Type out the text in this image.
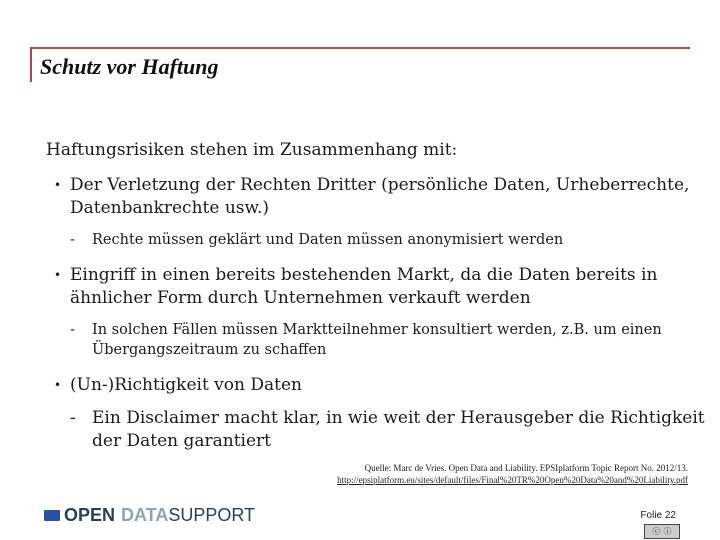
Schutz vor Haftung

Haftungsrisiken stehen im Zusammenhang mit:

• Der Verletzung der Rechten Dritter (persönliche Daten, Urheberrechte, Datenbankrechte usw.)
- Rechte müssen geklärt und Daten müssen anonymisiert werden
• Eingriff in einen bereits bestehenden Markt, da die Daten bereits in ähnlicher Form durch Unternehmen verkauft werden
- In solchen Fällen müssen Marktteilnehmer konsultiert werden, z.B. um einen Übergangszeitraum zu schaffen
• (Un-)Richtigkeit von Daten
- Ein Disclaimer macht klar, in wie weit der Herausgeber die Richtigkeit der Daten garantiert
Quelle: Marc de Vries. Open Data and Liability. EPSIplatform Topic Report No. 2012/13.
http://epsiplatform.eu/sites/default/files/Final%20TR%20Open%20Data%20and%20Liability.pdf
OPEN DATA SUPPORT	Folie 22
ⓒ ⓘ
